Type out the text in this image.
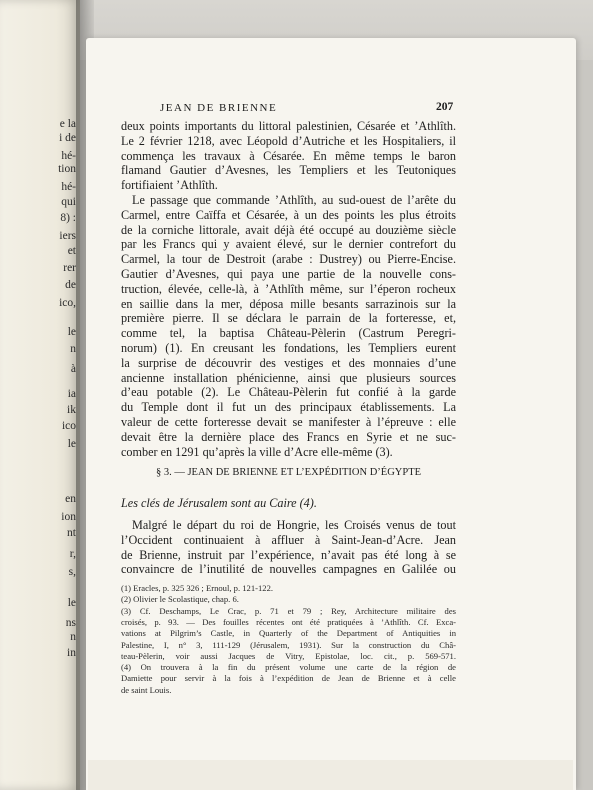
e la
i de
hé-
tion
hé-
qui
8) :
iers
et
rer
de
ico,
le
n
à
ia
ik
ico
le
en
ion
nt
r,
s,
le
ns
n
in
JEAN DE BRIENNE	207
deux points importants du littoral palestinien, Césarée et ’Athlîth.
Le 2 février 1218, avec Léopold d’Autriche et les Hospitaliers, il
commença les travaux à Césarée. En même temps le baron
flamand Gautier d’Avesnes, les Templiers et les Teutoniques
fortifiaient ’Athlîth.
Le passage que commande ’Athlîth, au sud-ouest de l’arête du
Carmel, entre Caïffa et Césarée, à un des points les plus étroits
de la corniche littorale, avait déjà été occupé au douzième siècle
par les Francs qui y avaient élevé, sur le dernier contrefort du
Carmel, la tour de Destroit (arabe : Dustrey) ou Pierre-Encise.
Gautier d’Avesnes, qui paya une partie de la nouvelle cons-
truction, élevée, celle-là, à ’Athlîth même, sur l’éperon rocheux
en saillie dans la mer, déposa mille besants sarrazinois sur la
première pierre. Il se déclara le parrain de la forteresse, et,
comme tel, la baptisa Château-Pèlerin (Castrum Peregri-
norum) (1). En creusant les fondations, les Templiers eurent
la surprise de découvrir des vestiges et des monnaies d’une
ancienne installation phénicienne, ainsi que plusieurs sources
d’eau potable (2). Le Château-Pèlerin fut confié à la garde
du Temple dont il fut un des principaux établissements. La
valeur de cette forteresse devait se manifester à l’épreuve : elle
devait être la dernière place des Francs en Syrie et ne suc-
comber en 1291 qu’après la ville d’Acre elle-même (3).
§ 3. — JEAN DE BRIENNE ET L’EXPÉDITION D’ÉGYPTE
Les clés de Jérusalem sont au Caire (4).
Malgré le départ du roi de Hongrie, les Croisés venus de tout
l’Occident continuaient à affluer à Saint-Jean-d’Acre. Jean
de Brienne, instruit par l’expérience, n’avait pas été long à se
convaincre de l’inutilité de nouvelles campagnes en Galilée ou
(1) Eracles, p. 325 326 ; Ernoul, p. 121-122.
(2) Olivier le Scolastique, chap. 6.
(3) Cf. Deschamps, Le Crac, p. 71 et 79 ; Rey, Architecture militaire des
croisés, p. 93. — Des fouilles récentes ont été pratiquées à ’Athlîth. Cf. Exca-
vations at Pilgrim’s Castle, in Quarterly of the Department of Antiquities in
Palestine, I, n° 3, 111-129 (Jérusalem, 1931). Sur la construction du Châ-
teau-Pèlerin, voir aussi Jacques de Vitry, Epistolae, loc. cit., p. 569-571.
(4) On trouvera à la fin du présent volume une carte de la région de
Damiette pour servir à la fois à l’expédition de Jean de Brienne et à celle
de saint Louis.
